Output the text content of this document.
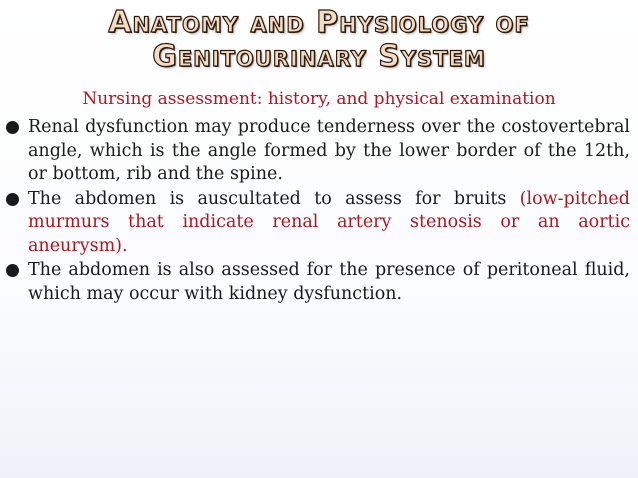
Anatomy and Physiology of
Genitourinary System
Nursing assessment: history, and physical examination
Renal dysfunction may produce tenderness over the costovertebral angle, which is the angle formed by the lower border of the 12th, or bottom, rib and the spine.
The abdomen is auscultated to assess for bruits (low-pitched murmurs that indicate renal artery stenosis or an aortic aneurysm).
The abdomen is also assessed for the presence of peritoneal fluid, which may occur with kidney dysfunction.
